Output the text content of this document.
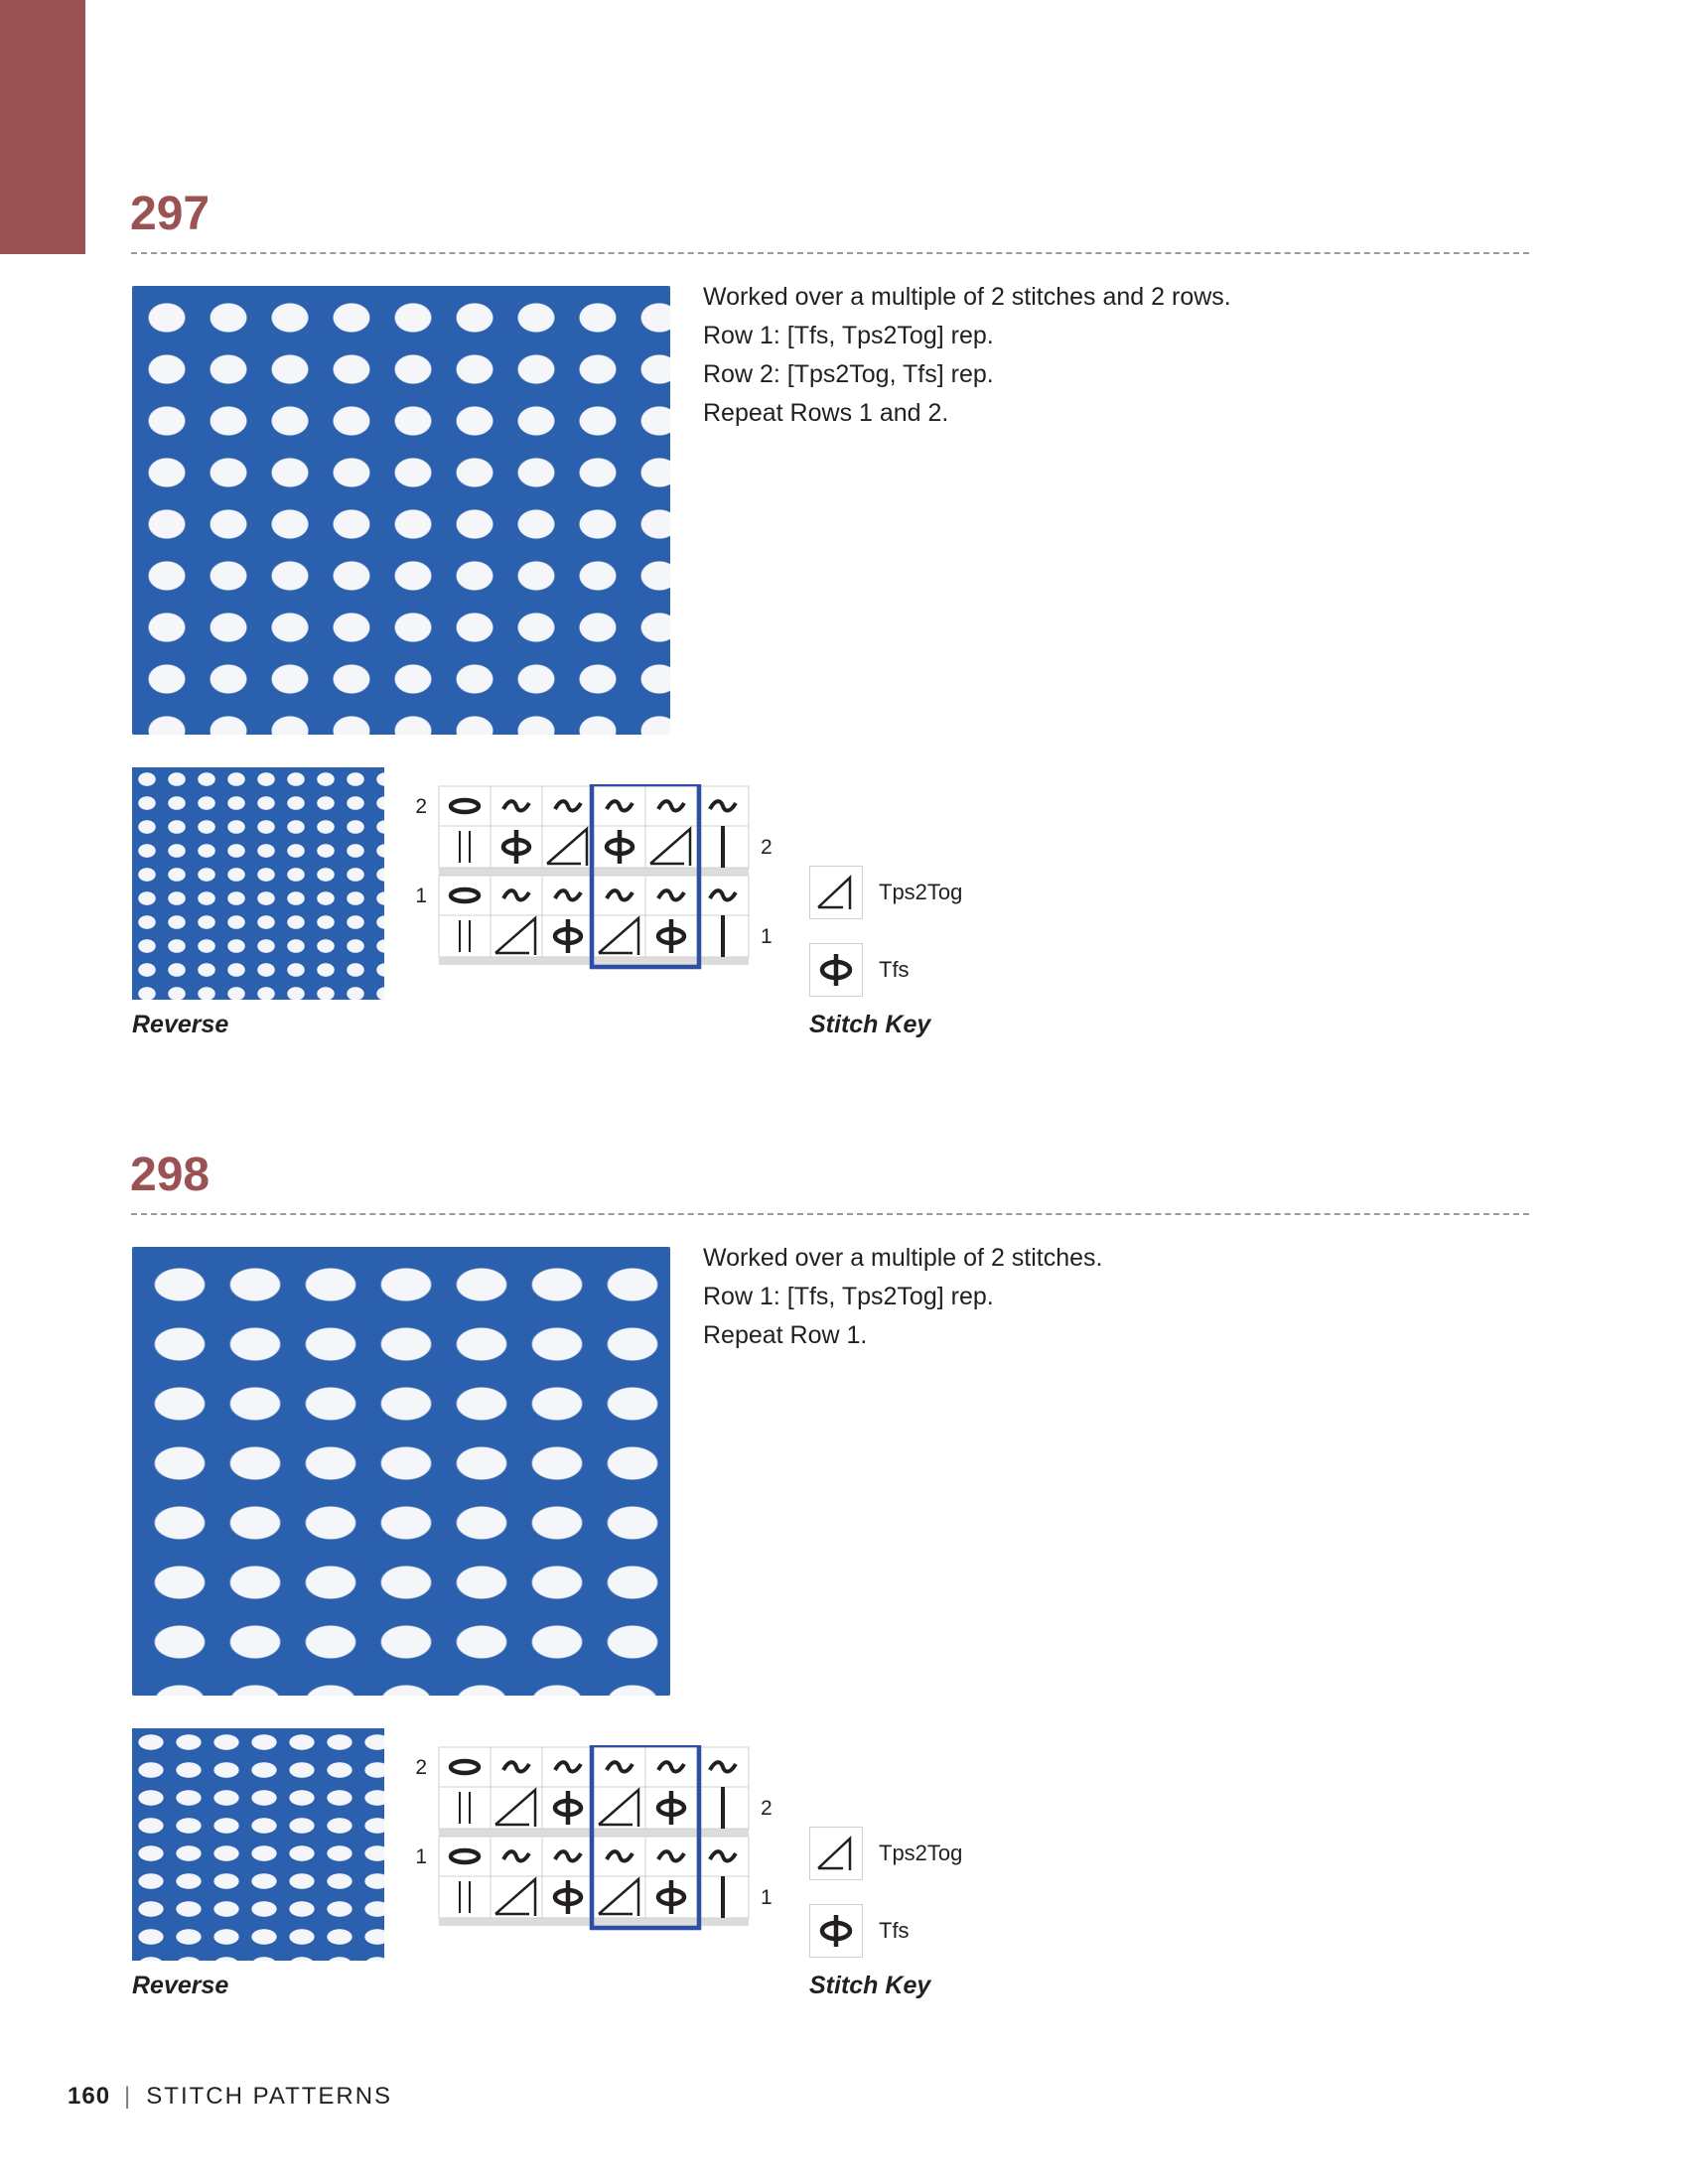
297
Worked over a multiple of 2 stitches and 2 rows.
Row 1: [Tfs, Tps2Tog] rep.
Row 2: [Tps2Tog, Tfs] rep.
Repeat Rows 1 and 2.
Reverse
2
1
2
1
Tps2Tog
Tfs
Stitch Key
298
Worked over a multiple of 2 stitches.
Row 1: [Tfs, Tps2Tog] rep.
Repeat Row 1.
Reverse
2
1
2
1
Tps2Tog
Tfs
Stitch Key
160 | STITCH PATTERNS
